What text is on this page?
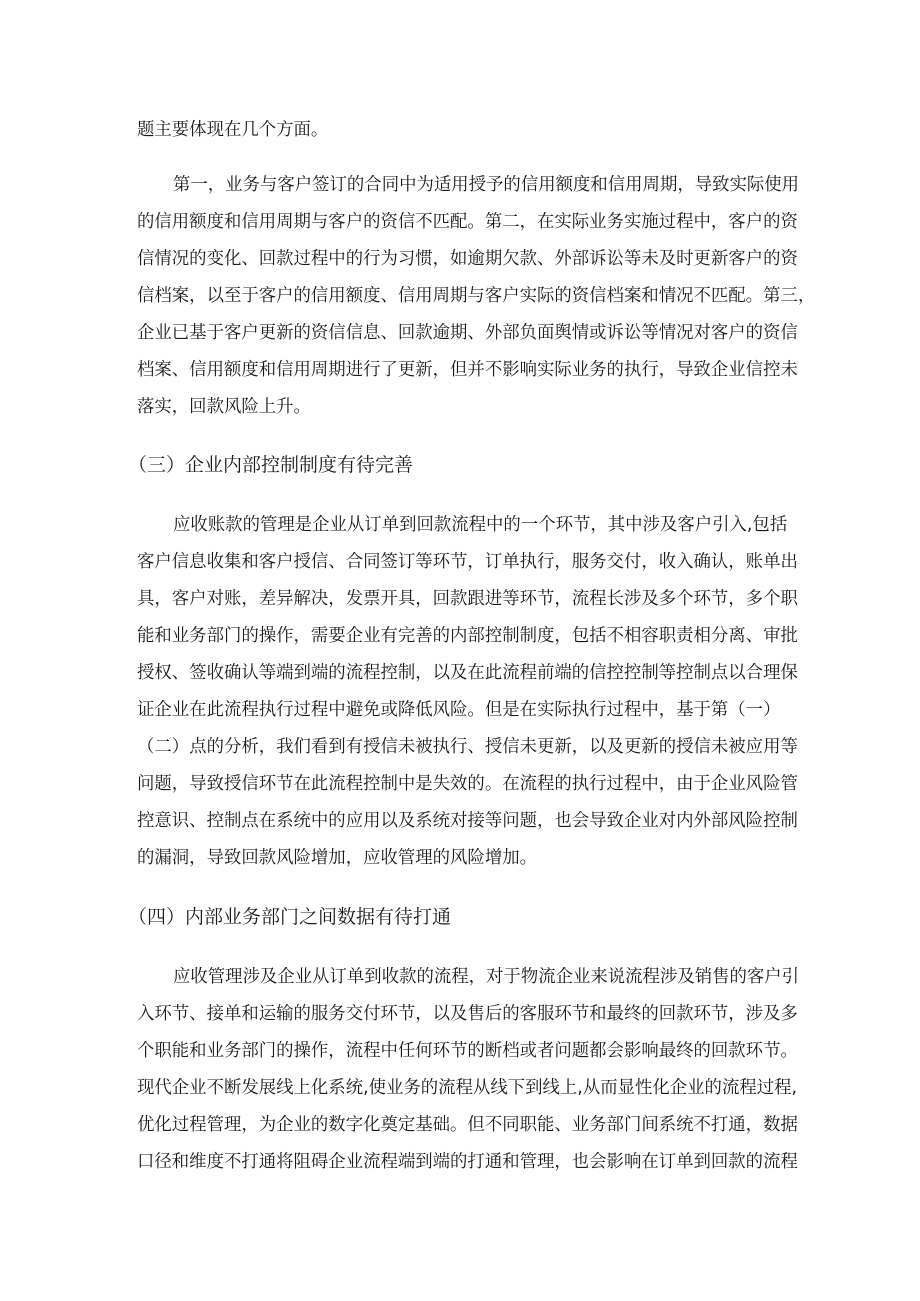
题主要体现在几个方面。
第一，业务与客户签订的合同中为适用授予的信用额度和信用周期，导致实际使用
的信用额度和信用周期与客户的资信不匹配。第二，在实际业务实施过程中，客户的资
信情况的变化、回款过程中的行为习惯，如逾期欠款、外部诉讼等未及时更新客户的资
信档案，以至于客户的信用额度、信用周期与客户实际的资信档案和情况不匹配。第三，
企业已基于客户更新的资信信息、回款逾期、外部负面舆情或诉讼等情况对客户的资信
档案、信用额度和信用周期进行了更新，但并不影响实际业务的执行，导致企业信控未
落实，回款风险上升。
（三）企业内部控制制度有待完善
应收账款的管理是企业从订单到回款流程中的一个环节，其中涉及客户引入,包括
客户信息收集和客户授信、合同签订等环节，订单执行，服务交付，收入确认，账单出
具，客户对账，差异解决，发票开具，回款跟进等环节，流程长涉及多个环节，多个职
能和业务部门的操作，需要企业有完善的内部控制制度，包括不相容职责相分离、审批
授权、签收确认等端到端的流程控制，以及在此流程前端的信控控制等控制点以合理保
证企业在此流程执行过程中避免或降低风险。但是在实际执行过程中，基于第（一）
（二）点的分析，我们看到有授信未被执行、授信未更新，以及更新的授信未被应用等
问题，导致授信环节在此流程控制中是失效的。在流程的执行过程中，由于企业风险管
控意识、控制点在系统中的应用以及系统对接等问题，也会导致企业对内外部风险控制
的漏洞，导致回款风险增加，应收管理的风险增加。
（四）内部业务部门之间数据有待打通
应收管理涉及企业从订单到收款的流程，对于物流企业来说流程涉及销售的客户引
入环节、接单和运输的服务交付环节，以及售后的客服环节和最终的回款环节，涉及多
个职能和业务部门的操作，流程中任何环节的断档或者问题都会影响最终的回款环节。
现代企业不断发展线上化系统,使业务的流程从线下到线上,从而显性化企业的流程过程,
优化过程管理，为企业的数字化奠定基础。但不同职能、业务部门间系统不打通，数据
口径和维度不打通将阻碍企业流程端到端的打通和管理，也会影响在订单到回款的流程
